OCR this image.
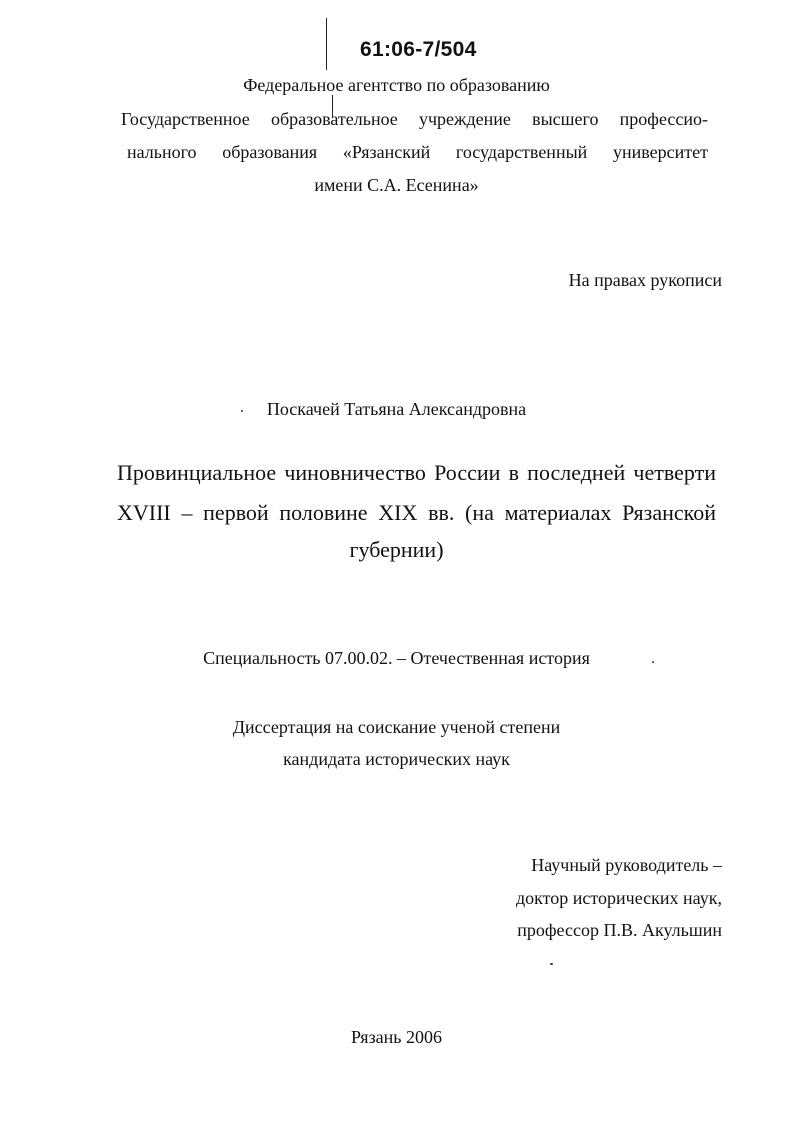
61:06-7/504
Федеральное агентство по образованию
Государственное образовательное учреждение высшего профессио-
нального образования «Рязанский государственный университет
имени С.А. Есенина»
На правах рукописи
Поскачей Татьяна Александровна
Провинциальное чиновничество России в последней четверти
XVIII – первой половине XIX вв. (на материалах Рязанской
губернии)
Специальность 07.00.02. – Отечественная история
Диссертация на соискание ученой степени
кандидата исторических наук
Научный руководитель –
доктор исторических наук,
профессор П.В. Акульшин
Рязань 2006
